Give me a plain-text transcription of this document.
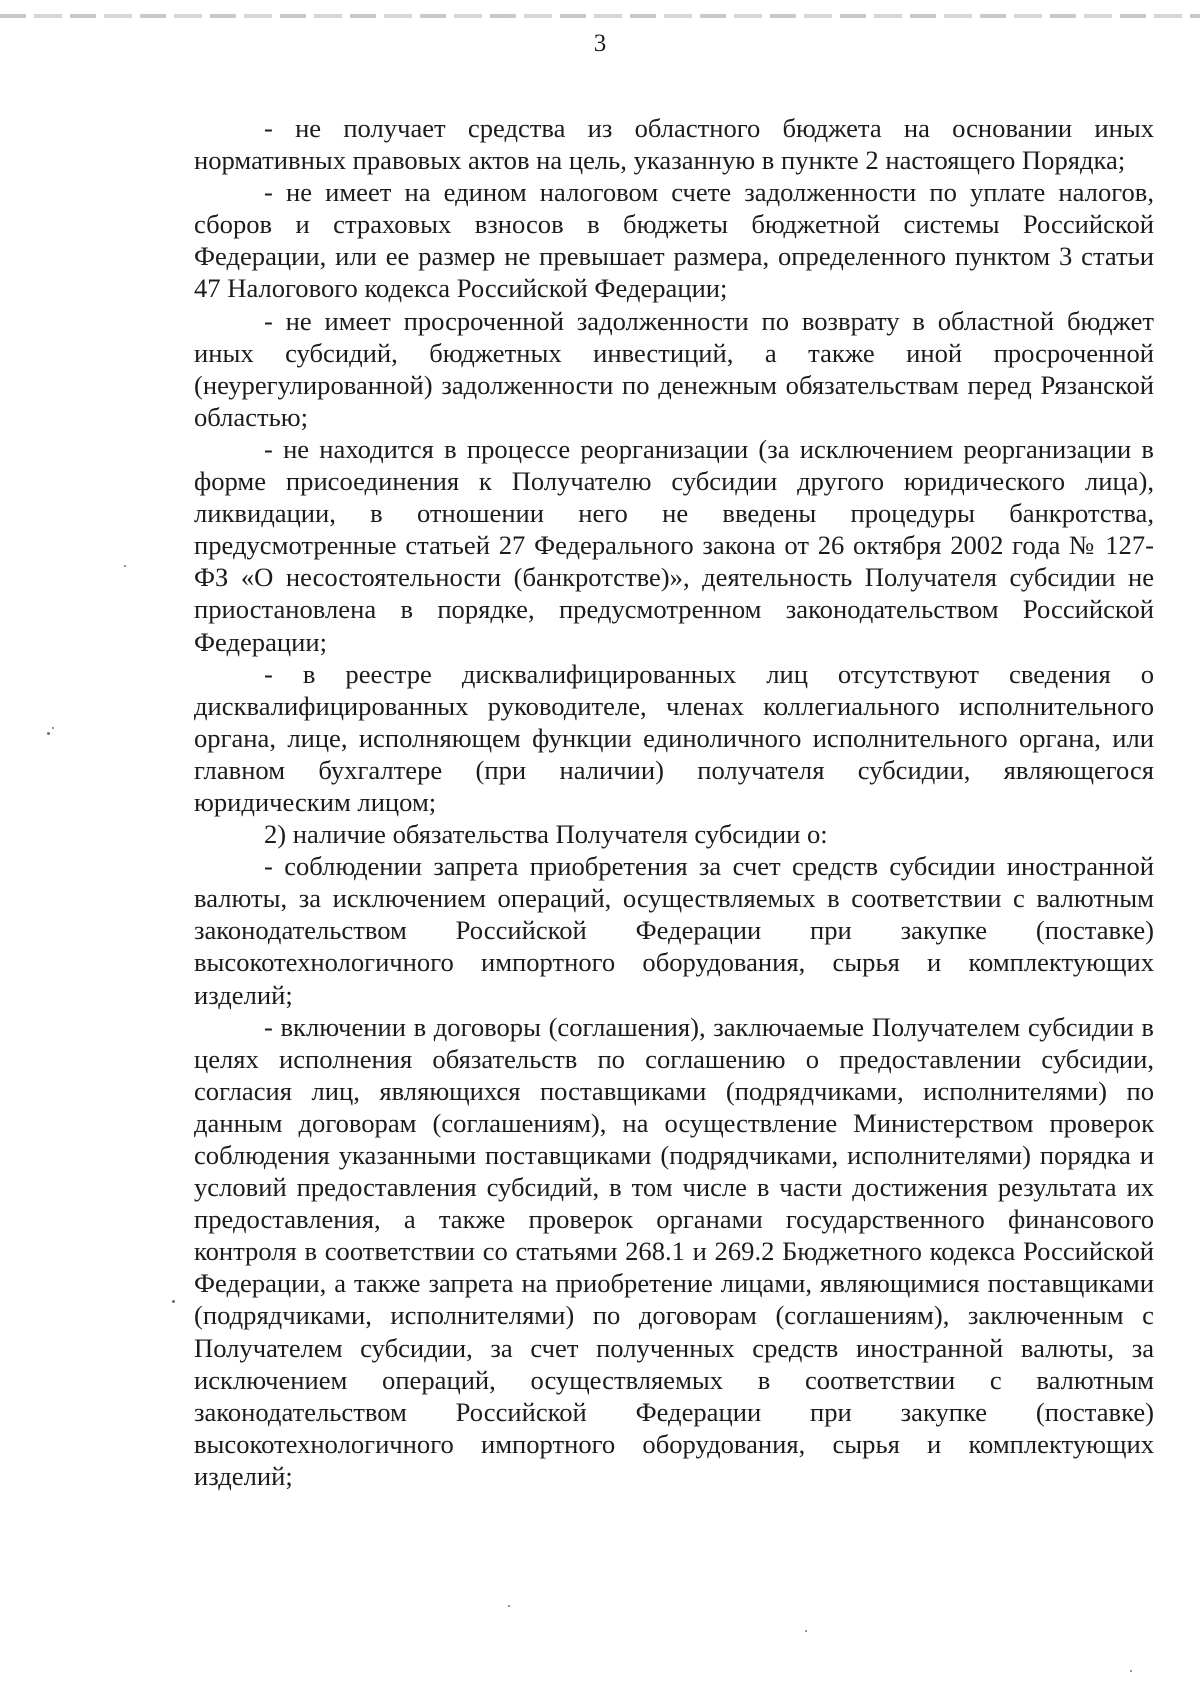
3

- не получает средства из областного бюджета на основании иных нормативных правовых актов на цель, указанную в пункте 2 настоящего Порядка;

- не имеет на едином налоговом счете задолженности по уплате налогов, сборов и страховых взносов в бюджеты бюджетной системы Российской Федерации, или ее размер не превышает размера, определенного пунктом 3 статьи 47 Налогового кодекса Российской Федерации;

- не имеет просроченной задолженности по возврату в областной бюджет иных субсидий, бюджетных инвестиций, а также иной просроченной (неурегулированной) задолженности по денежным обязательствам перед Рязанской областью;

- не находится в процессе реорганизации (за исключением реорганизации в форме присоединения к Получателю субсидии другого юридического лица), ликвидации, в отношении него не введены процедуры банкротства, предусмотренные статьей 27 Федерального закона от 26 октября 2002 года № 127-ФЗ «О несостоятельности (банкротстве)», деятельность Получателя субсидии не приостановлена в порядке, предусмотренном законодательством Российской Федерации;

- в реестре дисквалифицированных лиц отсутствуют сведения о дисквалифицированных руководителе, членах коллегиального исполнительного органа, лице, исполняющем функции единоличного исполнительного органа, или главном бухгалтере (при наличии) получателя субсидии, являющегося юридическим лицом;

2) наличие обязательства Получателя субсидии о:

- соблюдении запрета приобретения за счет средств субсидии иностранной валюты, за исключением операций, осуществляемых в соответствии с валютным законодательством Российской Федерации при закупке (поставке) высокотехнологичного импортного оборудования, сырья и комплектующих изделий;

- включении в договоры (соглашения), заключаемые Получателем субсидии в целях исполнения обязательств по соглашению о предоставлении субсидии, согласия лиц, являющихся поставщиками (подрядчиками, исполнителями) по данным договорам (соглашениям), на осуществление Министерством проверок соблюдения указанными поставщиками (подрядчиками, исполнителями) порядка и условий предоставления субсидий, в том числе в части достижения результата их предоставления, а также проверок органами государственного финансового контроля в соответствии со статьями 268.1 и 269.2 Бюджетного кодекса Российской Федерации, а также запрета на приобретение лицами, являющимися поставщиками (подрядчиками, исполнителями) по договорам (соглашениям), заключенным с Получателем субсидии, за счет полученных средств иностранной валюты, за исключением операций, осуществляемых в соответствии с валютным законодательством Российской Федерации при закупке (поставке) высокотехнологичного импортного оборудования, сырья и комплектующих изделий;
